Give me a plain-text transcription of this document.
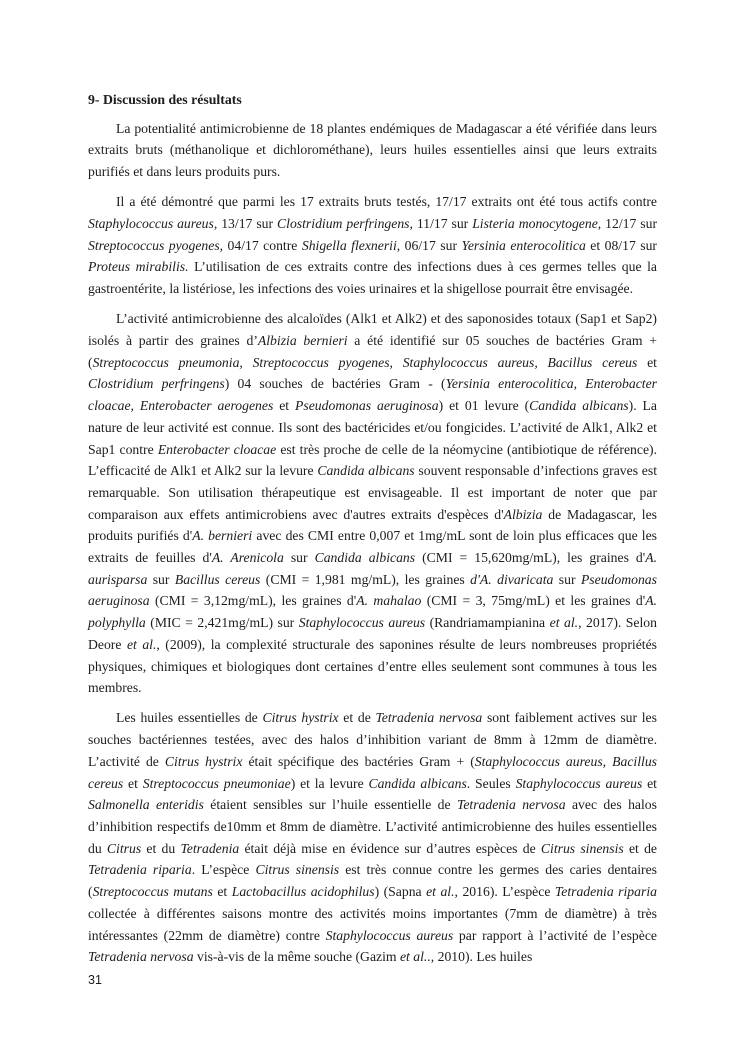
9- Discussion des résultats

La potentialité antimicrobienne de 18 plantes endémiques de Madagascar a été vérifiée dans leurs extraits bruts (méthanolique et dichlorométhane), leurs huiles essentielles ainsi que leurs extraits purifiés et dans leurs produits purs.

Il a été démontré que parmi les 17 extraits bruts testés, 17/17 extraits ont été tous actifs contre Staphylococcus aureus, 13/17 sur Clostridium perfringens, 11/17 sur Listeria monocytogene, 12/17 sur Streptococcus pyogenes, 04/17 contre Shigella flexnerii, 06/17 sur Yersinia enterocolitica et 08/17 sur Proteus mirabilis. L’utilisation de ces extraits contre des infections dues à ces germes telles que la gastroentérite, la listériose, les infections des voies urinaires et la shigellose pourrait être envisagée.

L’activité antimicrobienne des alcaloïdes (Alk1 et Alk2) et des saponosides totaux (Sap1 et Sap2) isolés à partir des graines d’Albizia bernieri a été identifié sur 05 souches de bactéries Gram + (Streptococcus pneumonia, Streptococcus pyogenes, Staphylococcus aureus, Bacillus cereus et Clostridium perfringens) 04 souches de bactéries Gram - (Yersinia enterocolitica, Enterobacter cloacae, Enterobacter aerogenes et Pseudomonas aeruginosa) et 01 levure (Candida albicans). La nature de leur activité est connue. Ils sont des bactéricides et/ou fongicides. L’activité de Alk1, Alk2 et Sap1 contre Enterobacter cloacae est très proche de celle de la néomycine (antibiotique de référence). L’efficacité de Alk1 et Alk2 sur la levure Candida albicans souvent responsable d’infections graves est remarquable. Son utilisation thérapeutique est envisageable. Il est important de noter que par comparaison aux effets antimicrobiens avec d'autres extraits d'espèces d'Albizia de Madagascar, les produits purifiés d'A. bernieri avec des CMI entre 0,007 et 1mg/mL sont de loin plus efficaces que les extraits de feuilles d'A. Arenicola sur Candida albicans (CMI = 15,620mg/mL), les graines d'A. aurisparsa sur Bacillus cereus (CMI = 1,981 mg/mL), les graines d'A. divaricata sur Pseudomonas aeruginosa (CMI = 3,12mg/mL), les graines d'A. mahalao (CMI = 3, 75mg/mL) et les graines d'A. polyphylla (MIC = 2,421mg/mL) sur Staphylococcus aureus (Randriamampianina et al., 2017). Selon Deore et al., (2009), la complexité structurale des saponines résulte de leurs nombreuses propriétés physiques, chimiques et biologiques dont certaines d’entre elles seulement sont communes à tous les membres.

Les huiles essentielles de Citrus hystrix et de Tetradenia nervosa sont faiblement actives sur les souches bactériennes testées, avec des halos d’inhibition variant de 8mm à 12mm de diamètre. L’activité de Citrus hystrix était spécifique des bactéries Gram + (Staphylococcus aureus, Bacillus cereus et Streptococcus pneumoniae) et la levure Candida albicans. Seules Staphylococcus aureus et Salmonella enteridis étaient sensibles sur l’huile essentielle de Tetradenia nervosa avec des halos d’inhibition respectifs de10mm et 8mm de diamètre. L’activité antimicrobienne des huiles essentielles du Citrus et du Tetradenia était déjà mise en évidence sur d’autres espèces de Citrus sinensis et de Tetradenia riparia. L’espèce Citrus sinensis est très connue contre les germes des caries dentaires (Streptococcus mutans et Lactobacillus acidophilus) (Sapna et al., 2016). L’espèce Tetradenia riparia collectée à différentes saisons montre des activités moins importantes (7mm de diamètre) à très intéressantes (22mm de diamètre) contre Staphylococcus aureus par rapport à l’activité de l’espèce Tetradenia nervosa vis-à-vis de la même souche (Gazim et al.., 2010). Les huiles

31
